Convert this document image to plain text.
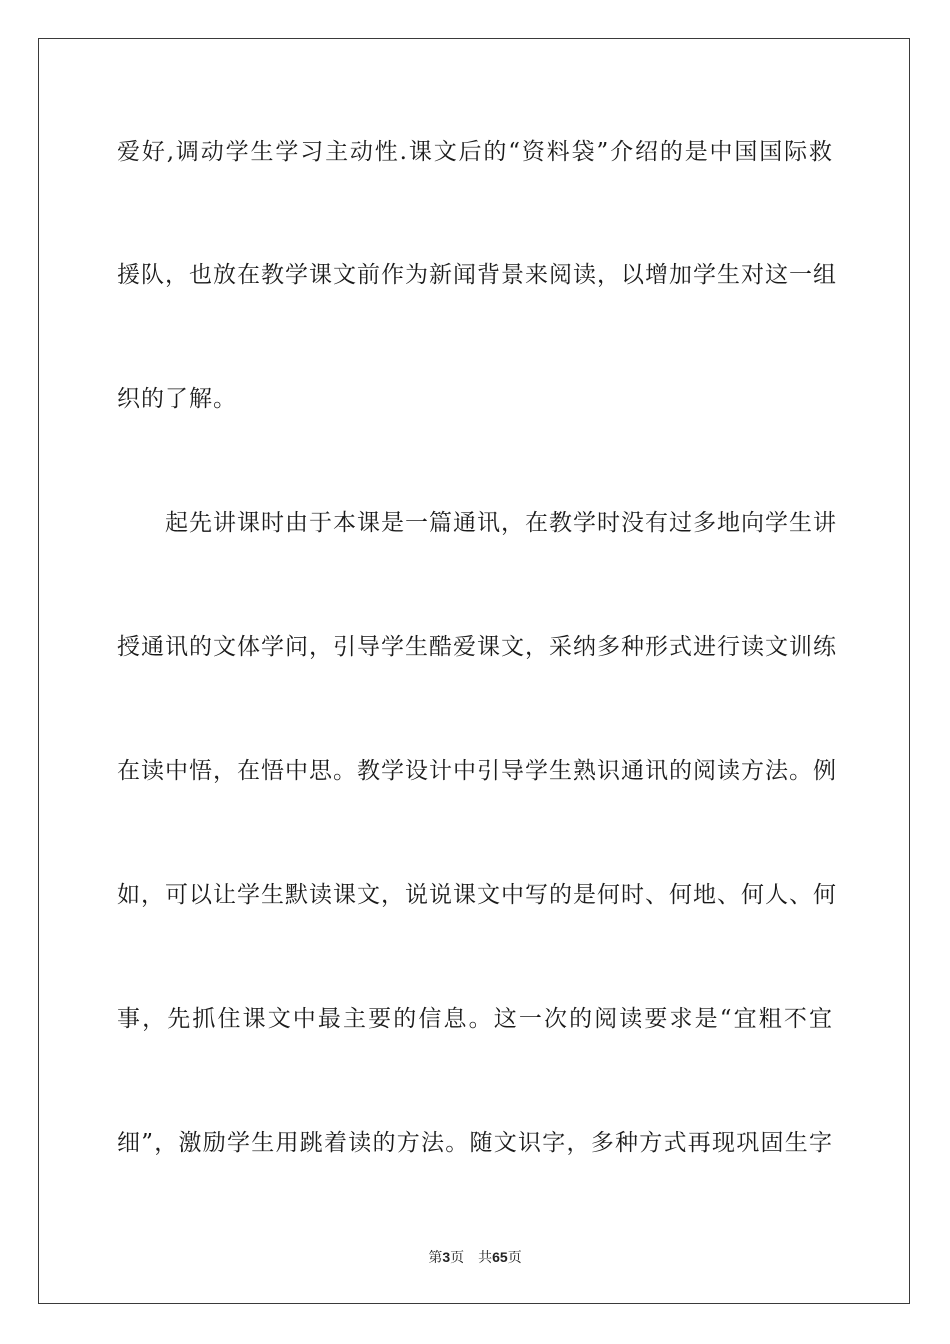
爱好,调动学生学习主动性.课文后的“资料袋”介绍的是中国国际救
援队，也放在教学课文前作为新闻背景来阅读，以增加学生对这一组
织的了解。
起先讲课时由于本课是一篇通讯，在教学时没有过多地向学生讲
授通讯的文体学问，引导学生酷爱课文，采纳多种形式进行读文训练
在读中悟，在悟中思。教学设计中引导学生熟识通讯的阅读方法。例
如，可以让学生默读课文，说说课文中写的是何时、何地、何人、何
事，先抓住课文中最主要的信息。这一次的阅读要求是“宜粗不宜
细”，激励学生用跳着读的方法。随文识字，多种方式再现巩固生字
第3页 共65页
